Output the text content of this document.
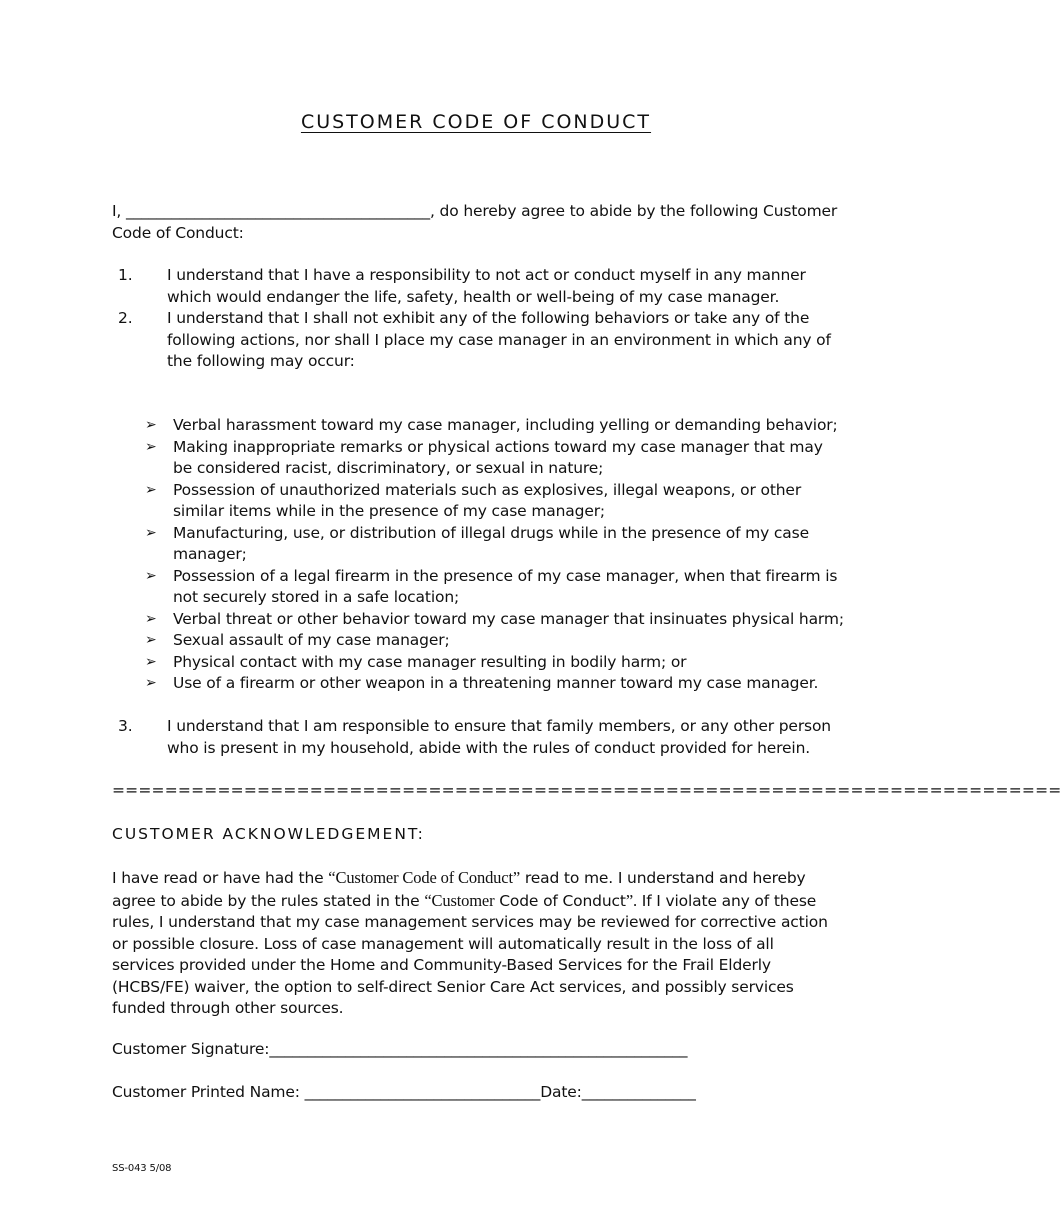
CUSTOMER CODE OF CONDUCT
I, ________________________________________, do hereby agree to abide by the following Customer Code of Conduct:
1. I understand that I have a responsibility to not act or conduct myself in any manner which would endanger the life, safety, health or well-being of my case manager.
2. I understand that I shall not exhibit any of the following behaviors or take any of the following actions, nor shall I place my case manager in an environment in which any of the following may occur:
➢ Verbal harassment toward my case manager, including yelling or demanding behavior;
➢ Making inappropriate remarks or physical actions toward my case manager that may be considered racist, discriminatory, or sexual in nature;
➢ Possession of unauthorized materials such as explosives, illegal weapons, or other similar items while in the presence of my case manager;
➢ Manufacturing, use, or distribution of illegal drugs while in the presence of my case manager;
➢ Possession of a legal firearm in the presence of my case manager, when that firearm is not securely stored in a safe location;
➢ Verbal threat or other behavior toward my case manager that insinuates physical harm;
➢ Sexual assault of my case manager;
➢ Physical contact with my case manager resulting in bodily harm; or
➢ Use of a firearm or other weapon in a threatening manner toward my case manager.
3. I understand that I am responsible to ensure that family members, or any other person who is present in my household, abide with the rules of conduct provided for herein.
========================================================================
CUSTOMER ACKNOWLEDGEMENT:
I have read or have had the “Customer Code of Conduct” read to me. I understand and hereby agree to abide by the rules stated in the “Customer Code of Conduct”. If I violate any of these rules, I understand that my case management services may be reviewed for corrective action or possible closure. Loss of case management will automatically result in the loss of all services provided under the Home and Community-Based Services for the Frail Elderly (HCBS/FE) waiver, the option to self-direct Senior Care Act services, and possibly services funded through other sources.
Customer Signature:_______________________________________________________
Customer Printed Name: _______________________________Date:_______________
SS-043 5/08
